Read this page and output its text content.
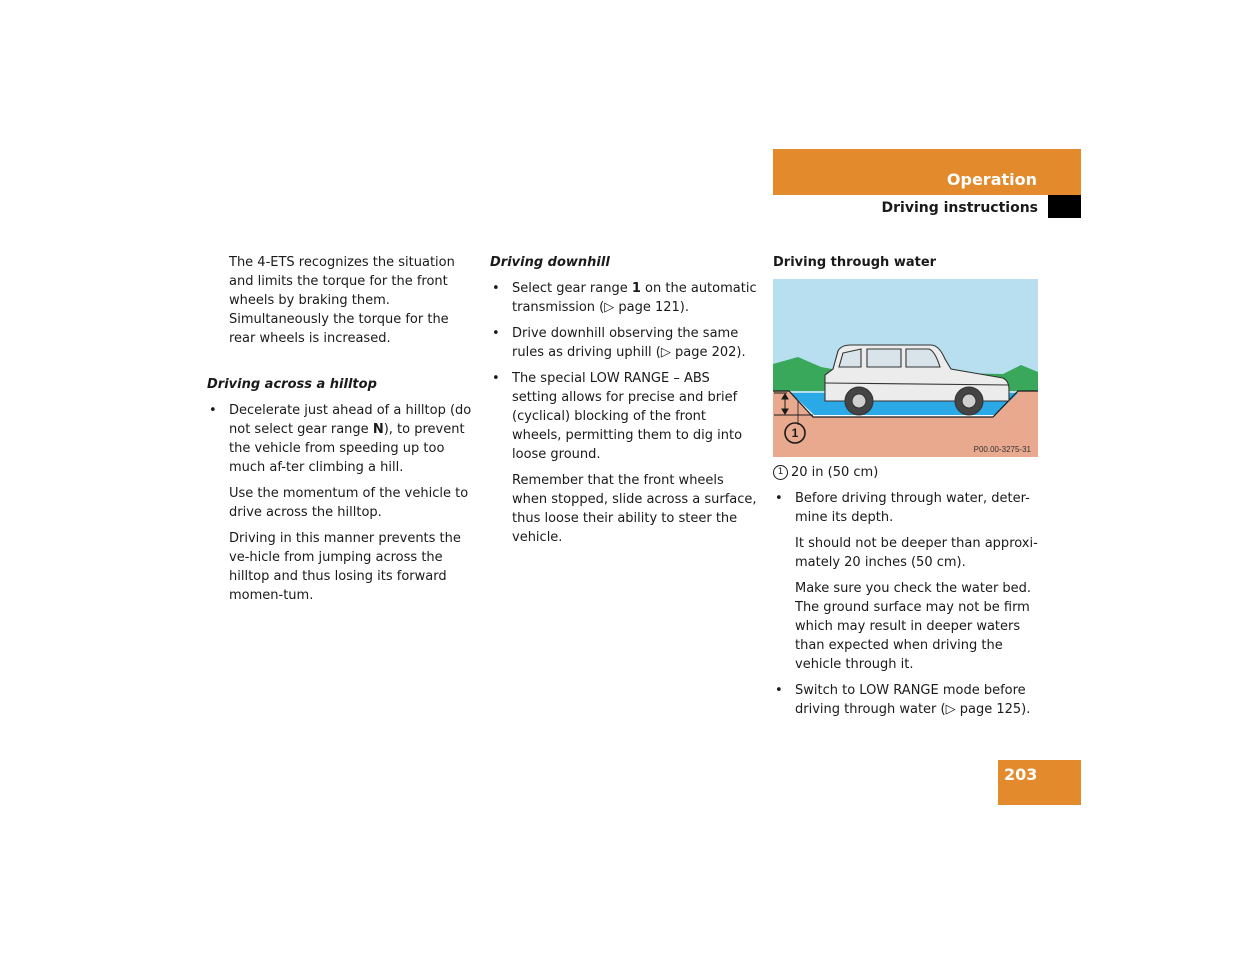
Operation
Driving instructions

The 4-ETS recognizes the situation and limits the torque for the front wheels by braking them. Simultaneously the torque for the rear wheels is increased.

Driving across a hilltop

• Decelerate just ahead of a hilltop (do not select gear range N), to prevent the vehicle from speeding up too much af-ter climbing a hill.

Use the momentum of the vehicle to drive across the hilltop.

Driving in this manner prevents the ve-hicle from jumping across the hilltop and thus losing its forward momen-tum.

Driving downhill

• Select gear range 1 on the automatic transmission (▷ page 121).
• Drive downhill observing the same rules as driving uphill (▷ page 202).
• The special LOW RANGE – ABS setting allows for precise and brief (cyclical) blocking of the front wheels, permitting them to dig into loose ground.

Remember that the front wheels when stopped, slide across a surface, thus loose their ability to steer the vehicle.

Driving through water

1
P00.00-3275-31

1 20 in (50 cm)

• Before driving through water, deter-mine its depth.

It should not be deeper than approxi-mately 20 inches (50 cm).

Make sure you check the water bed. The ground surface may not be firm which may result in deeper waters than expected when driving the vehicle through it.

• Switch to LOW RANGE mode before driving through water (▷ page 125).
203
